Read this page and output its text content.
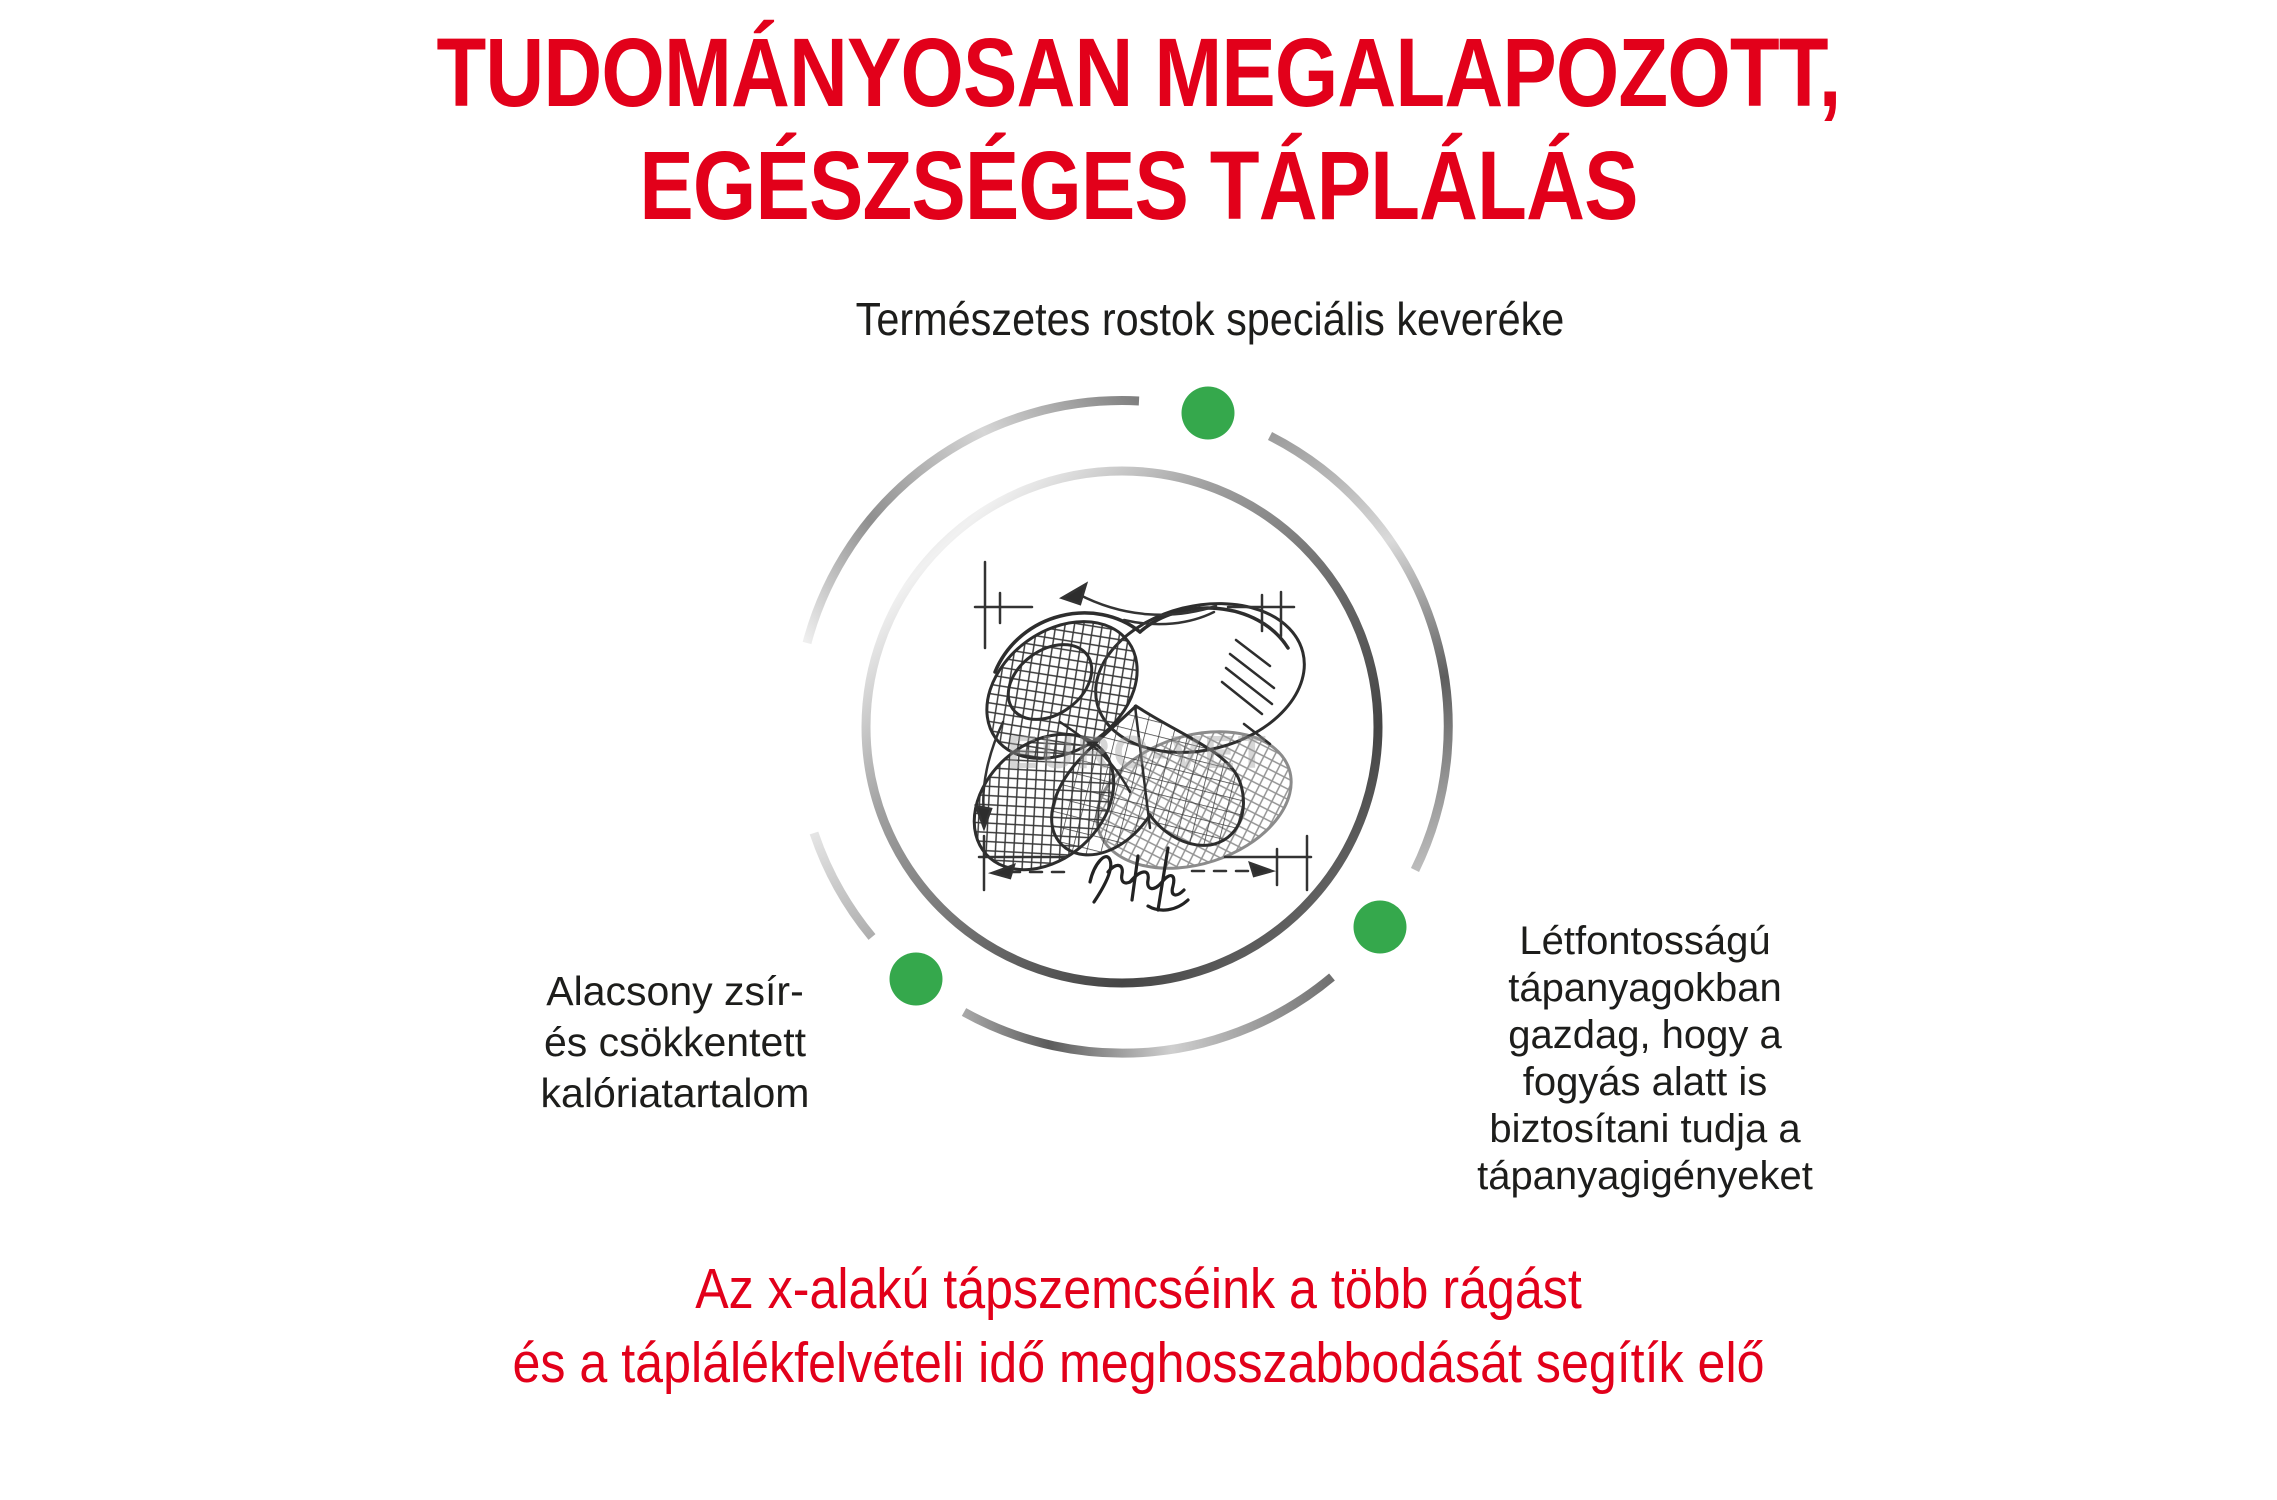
EURO-VET
TUDOMÁNYOSAN MEGALAPOZOTT,
EGÉSZSÉGES TÁPLÁLÁS
Természetes rostok speciális keveréke
Alacsony zsír-
és csökkentett
kalóriatartalom
Létfontosságú
tápanyagokban
gazdag, hogy a
fogyás alatt is
biztosítani tudja a
tápanyagigényeket
Az x-alakú tápszemcséink a több rágást
és a táplálékfelvételi idő meghosszabbodását segítík elő
